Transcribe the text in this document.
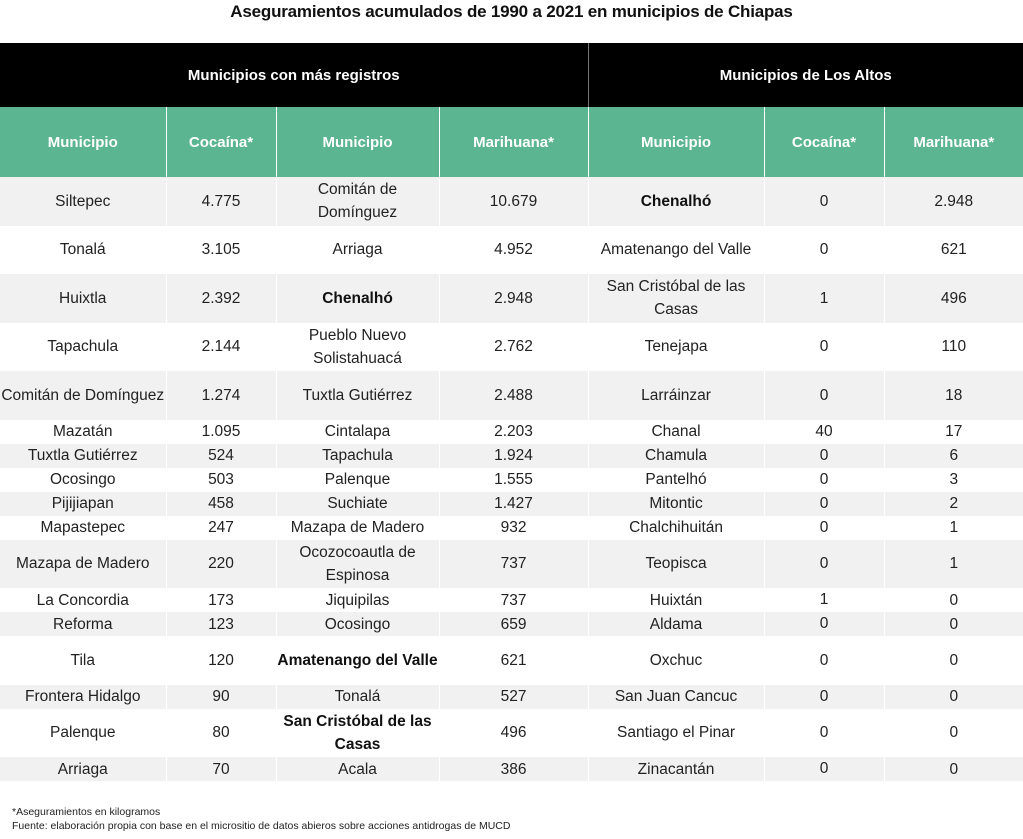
Aseguramientos acumulados de 1990 a 2021 en municipios de Chiapas
Municipios con más registros				Municipios de Los Altos		
Municipio	Cocaína*	Municipio	Marihuana*	Municipio	Cocaína*	Marihuana*
Siltepec	4.775	Comitán de Domínguez	10.679	Chenalhó	0	2.948
Tonalá	3.105	Arriaga	4.952	Amatenango del Valle	0	621
Huixtla	2.392	Chenalhó	2.948	San Cristóbal de las Casas	1	496
Tapachula	2.144	Pueblo Nuevo Solistahuacá	2.762	Tenejapa	0	110
Comitán de Domínguez	1.274	Tuxtla Gutiérrez	2.488	Larráinzar	0	18
Mazatán	1.095	Cintalapa	2.203	Chanal	40	17
Tuxtla Gutiérrez	524	Tapachula	1.924	Chamula	0	6
Ocosingo	503	Palenque	1.555	Pantelhó	0	3
Pijijiapan	458	Suchiate	1.427	Mitontic	0	2
Mapastepec	247	Mazapa de Madero	932	Chalchihuitán	0	1
Mazapa de Madero	220	Ocozocoautla de Espinosa	737	Teopisca	0	1
La Concordia	173	Jiquipilas	737	Huixtán	1	0
Reforma	123	Ocosingo	659	Aldama	0	0
Tila	120	Amatenango del Valle	621	Oxchuc	0	0
Frontera Hidalgo	90	Tonalá	527	San Juan Cancuc	0	0
Palenque	80	San Cristóbal de las Casas	496	Santiago el Pinar	0	0
Arriaga	70	Acala	386	Zinacantán	0	0
*Aseguramientos en kilogramos
Fuente: elaboración propia con base en el micrositio de datos abieros sobre acciones antidrogas de MUCD
